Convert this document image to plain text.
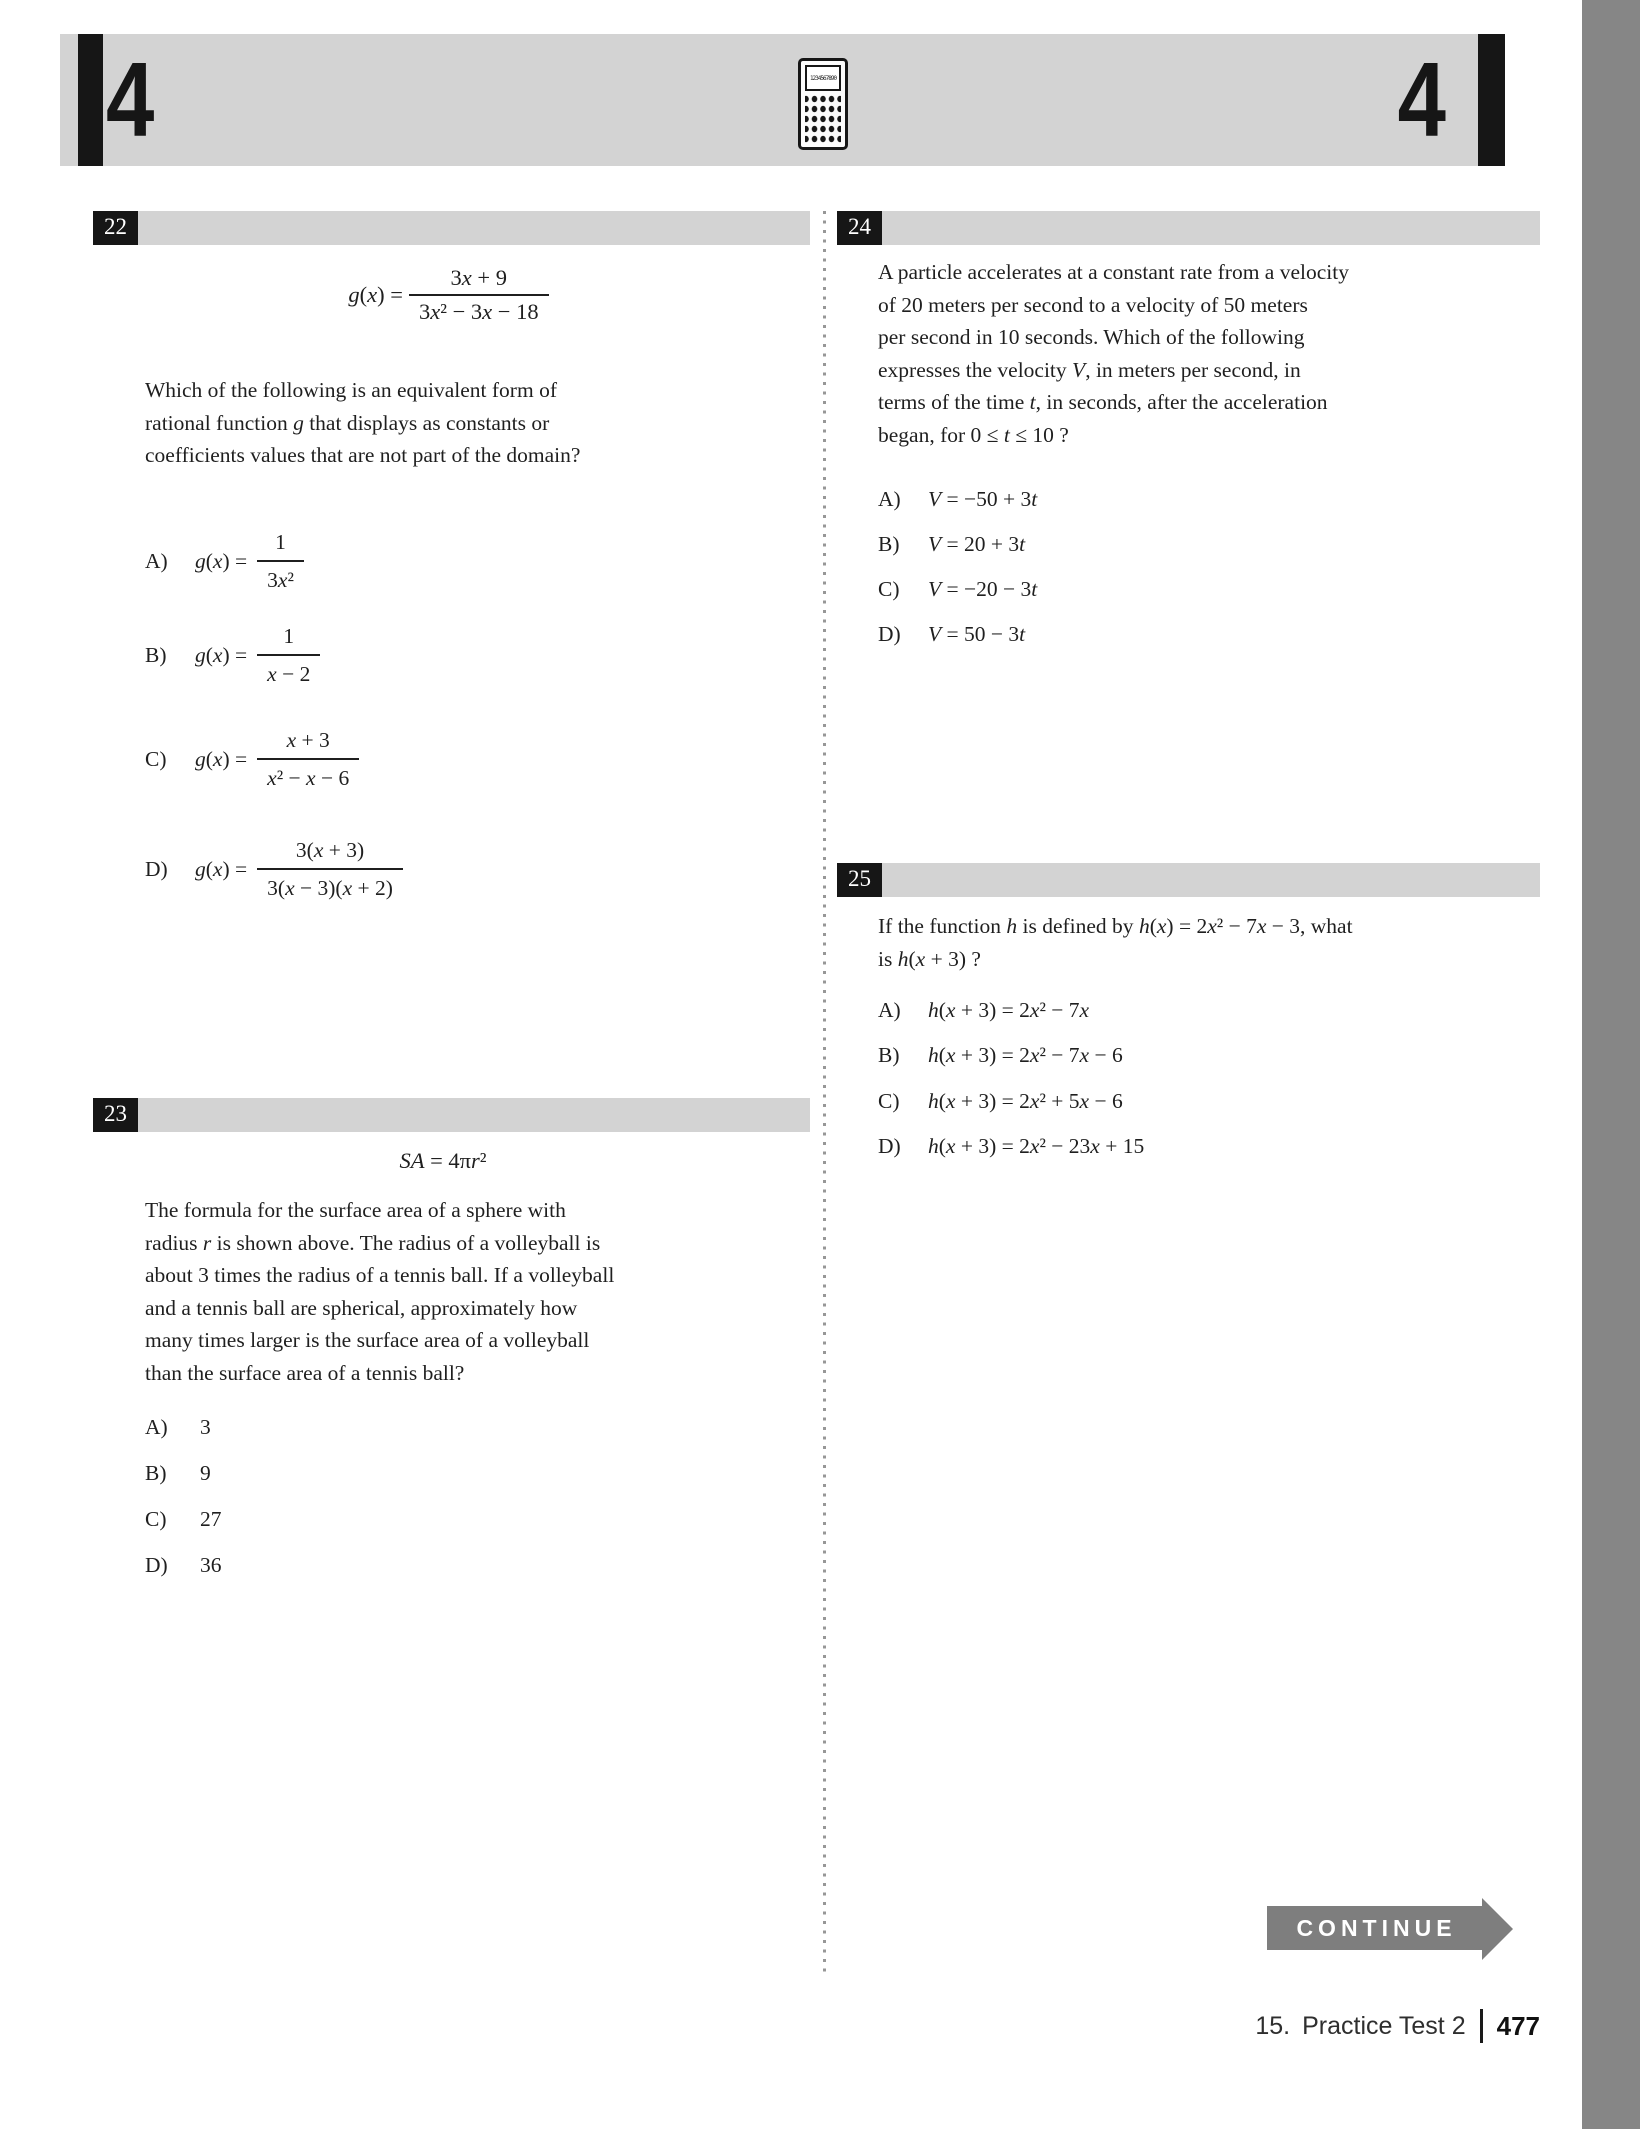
4	4
1234567890
22
$g(x) = \frac{3x + 9}{\text{3x² − 3x − 18}}$
Which of the following is an equivalent form of
rational function g that displays as constants or
coefficients values that are not part of the domain?
A)	$g(x) = \frac{1}{\text{3x²}}$
B)	$g(x) = \frac{1}{x - 2}$
C)	$g(x) = \frac{x + 3}{\text{x² − x − 6}}$
D)	$g(x) = \frac{3(x + 3)}{3(x - 3)(x + 2)}$
23
SA = 4πr²
The formula for the surface area of a sphere with
radius r is shown above. The radius of a volleyball is
about 3 times the radius of a tennis ball. If a volleyball
and a tennis ball are spherical, approximately how
many times larger is the surface area of a volleyball
than the surface area of a tennis ball?
A)	3
B)	9
C)	27
D)	36
24
A particle accelerates at a constant rate from a velocity
of 20 meters per second to a velocity of 50 meters
per second in 10 seconds. Which of the following
expresses the velocity V, in meters per second, in
terms of the time t, in seconds, after the acceleration
began, for 0 ≤ t ≤ 10 ?
A)	V = −50 + 3t
B)	V = 20 + 3t
C)	V = −20 − 3t
D)	V = 50 − 3t
25
If the function h is defined by h(x) = 2x² − 7x − 3, what
is h(x + 3) ?
A)	h(x + 3) = 2x² − 7x
B)	h(x + 3) = 2x² − 7x − 6
C)	h(x + 3) = 2x² + 5x − 6
D)	h(x + 3) = 2x² − 23x + 15
CONTINUE
15. Practice Test 2 477
